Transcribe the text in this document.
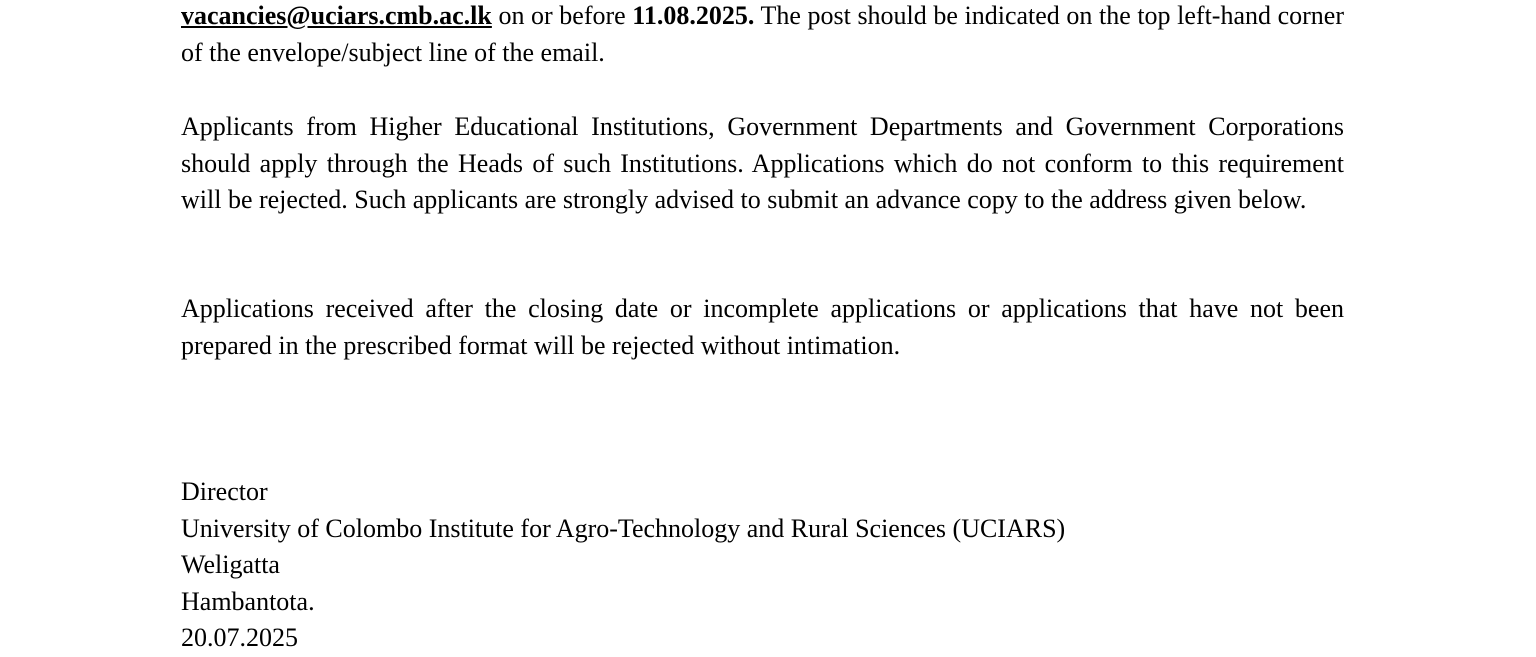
vacancies@uciars.cmb.ac.lk on or before 11.08.2025. The post should be indicated on the top left-hand corner of the envelope/subject line of the email.

Applicants from Higher Educational Institutions, Government Departments and Government Corporations should apply through the Heads of such Institutions. Applications which do not conform to this requirement will be rejected. Such applicants are strongly advised to submit an advance copy to the address given below.

Applications received after the closing date or incomplete applications or applications that have not been prepared in the prescribed format will be rejected without intimation.

Director
University of Colombo Institute for Agro-Technology and Rural Sciences (UCIARS)
Weligatta
Hambantota.
20.07.2025
